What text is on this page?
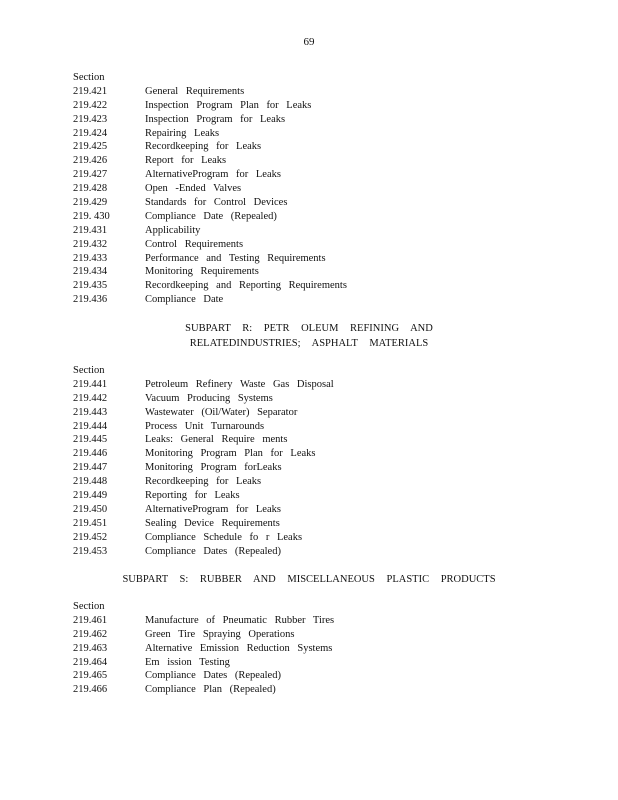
69
Section
219.421	General Requirements
219.422	Inspection Program Plan for Leaks
219.423	Inspection Program for Leaks
219.424	Repairing Leaks
219.425	Recordkeeping for Leaks
219.426	Report for Leaks
219.427	AlternativeProgram for Leaks
219.428	Open -Ended Valves
219.429	Standards for Control Devices
219. 430	Compliance Date (Repealed)
219.431	Applicability
219.432	Control Requirements
219.433	Performance and Testing Requirements
219.434	Monitoring Requirements
219.435	Recordkeeping and Reporting Requirements
219.436	Compliance Date
SUBPART R: PETR OLEUM REFINING AND
RELATEDINDUSTRIES; ASPHALT MATERIALS
Section
219.441	Petroleum Refinery Waste Gas Disposal
219.442	Vacuum Producing Systems
219.443	Wastewater (Oil/Water) Separator
219.444	Process Unit Turnarounds
219.445	Leaks: General Require ments
219.446	Monitoring Program Plan for Leaks
219.447	Monitoring Program forLeaks
219.448	Recordkeeping for Leaks
219.449	Reporting for Leaks
219.450	AlternativeProgram for Leaks
219.451	Sealing Device Requirements
219.452	Compliance Schedule fo r Leaks
219.453	Compliance Dates (Repealed)
SUBPART S: RUBBER AND MISCELLANEOUS PLASTIC PRODUCTS
Section
219.461	Manufacture of Pneumatic Rubber Tires
219.462	Green Tire Spraying Operations
219.463	Alternative Emission Reduction Systems
219.464	Em ission Testing
219.465	Compliance Dates (Repealed)
219.466	Compliance Plan (Repealed)
